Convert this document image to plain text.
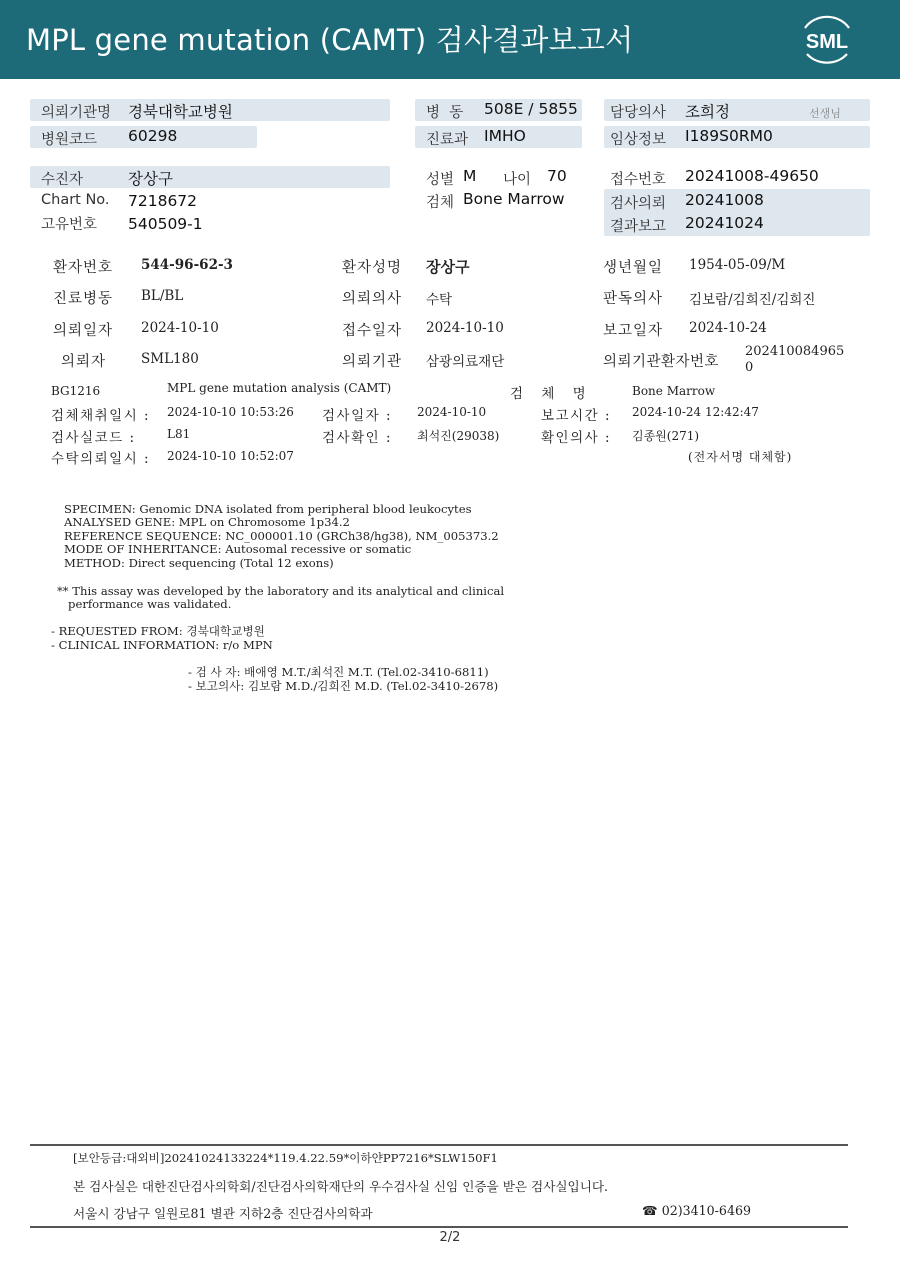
MPL gene mutation (CAMT) 검사결과보고서	SML
의뢰기관명 경북대학교병원
병원코드 60298
병  동 508E / 5855
진료과 IMHO
담당의사 조희정	선생님
임상정보 I189S0RM0
수진자	장상구
Chart No. 7218672
고유번호 540509-1
성별 M 나이 70
검체 Bone Marrow
접수번호 20241008-49650
검사의뢰 20241008
결과보고 20241024
환자번호 544-96-62-3	환자성명 장상구	생년월일 1954-05-09/M
진료병동 BL/BL	의뢰의사 수탁	판독의사 김보람/김희진/김희진
의뢰일자 2024-10-10	접수일자 2024-10-10	보고일자 2024-10-24
의뢰자	SML180	의뢰기관 삼광의료재단	의뢰기관환자번호
202410084965
0
BG1216	MPL gene mutation analysis (CAMT)	검 체 명	Bone Marrow
검체채취일시 : 2024-10-10 10:53:26 검사일자 : 2024-10-10	보고시간 : 2024-10-24 12:42:47
검사실코드 :	L81	검사확인 : 최석진(29038)	확인의사 : 김종원(271)
수탁의뢰일시 : 2024-10-10 10:52:07	(전자서명 대체함)
SPECIMEN: Genomic DNA isolated from peripheral blood leukocytes
ANALYSED GENE: MPL on Chromosome 1p34.2
REFERENCE SEQUENCE: NC_000001.10 (GRCh38/hg38), NM_005373.2
MODE OF INHERITANCE: Autosomal recessive or somatic
METHOD: Direct sequencing (Total 12 exons)
** This assay was developed by the laboratory and its analytical and clinical
performance was validated.
- REQUESTED FROM: 경북대학교병원
- CLINICAL INFORMATION: r/o MPN
- 검 사 자: 배애영 M.T./최석진 M.T. (Tel.02-3410-6811)
- 보고의사: 김보람 M.D./김희진 M.D. (Tel.02-3410-2678)
[보안등급:대외비]20241024133224*119.4.22.59*이하얀PP7216*SLW150F1
본 검사실은 대한진단검사의학회/진단검사의학재단의 우수검사실 신임 인증을 받은 검사실입니다.
서울시 강남구 일원로81 별관 지하2층 진단검사의학과	☎ 02)3410-6469
2/2
